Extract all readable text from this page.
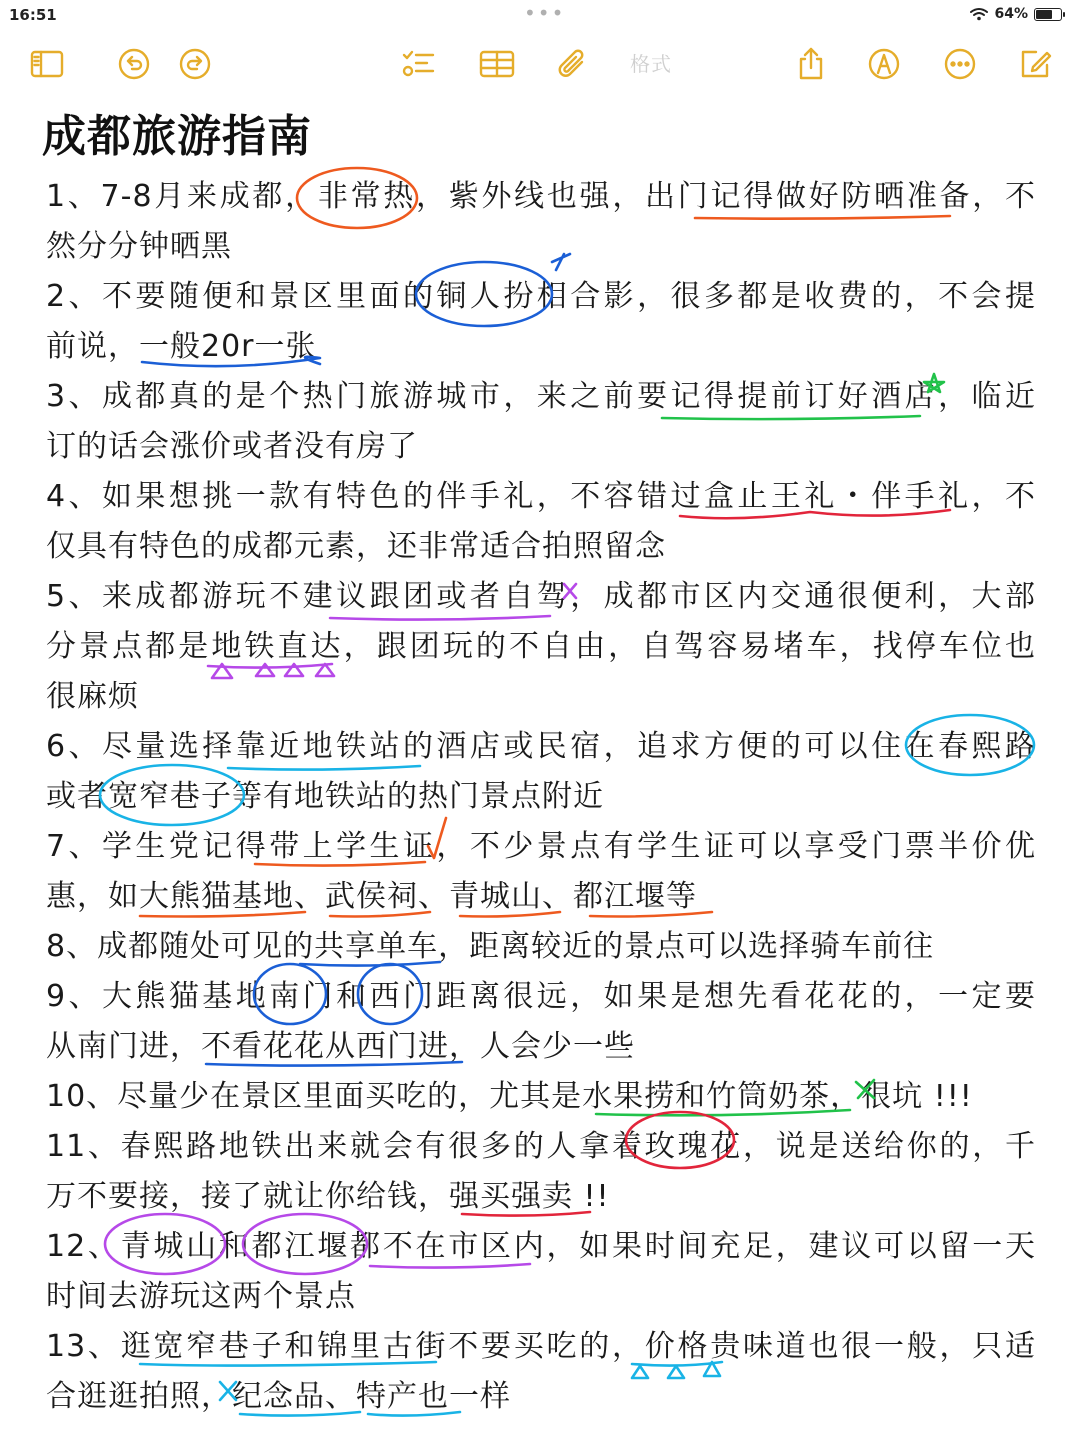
16:51	•••	64%
格式
成都旅游指南
1、7-8月来成都，非常热，紫外线也强，出门记得做好防晒准备，不
然分分钟晒黑
2、不要随便和景区里面的铜人扮相合影，很多都是收费的，不会提
前说，一般20r一张
3、成都真的是个热门旅游城市，来之前要记得提前订好酒店，临近
订的话会涨价或者没有房了
4、如果想挑一款有特色的伴手礼，不容错过盒止王礼・伴手礼，不
仅具有特色的成都元素，还非常适合拍照留念
5、来成都游玩不建议跟团或者自驾，成都市区内交通很便利，大部
分景点都是地铁直达，跟团玩的不自由，自驾容易堵车，找停车位也
很麻烦
6、尽量选择靠近地铁站的酒店或民宿，追求方便的可以住在春熙路
或者宽窄巷子等有地铁站的热门景点附近
7、学生党记得带上学生证，不少景点有学生证可以享受门票半价优
惠，如大熊猫基地、武侯祠、青城山、都江堰等
8、成都随处可见的共享单车，距离较近的景点可以选择骑车前往
9、大熊猫基地南门和西门距离很远，如果是想先看花花的，一定要
从南门进，不看花花从西门进，人会少一些
10、尽量少在景区里面买吃的，尤其是水果捞和竹筒奶茶，很坑 !!!
11、春熙路地铁出来就会有很多的人拿着玫瑰花，说是送给你的，千
万不要接，接了就让你给钱，强买强卖 !!
12、青城山和都江堰都不在市区内，如果时间充足，建议可以留一天
时间去游玩这两个景点
13、逛宽窄巷子和锦里古街不要买吃的，价格贵味道也很一般，只适
合逛逛拍照，纪念品、特产也一样
